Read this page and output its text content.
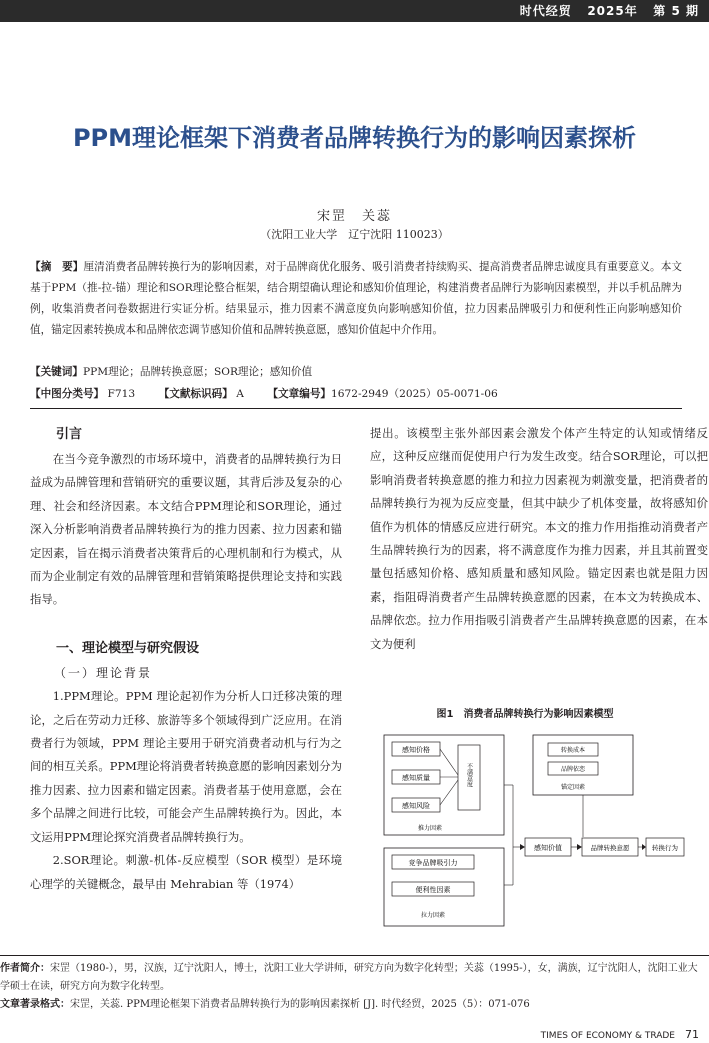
时代经贸 2025年 第 5 期
PPM理论框架下消费者品牌转换行为的影响因素探析
宋罡　关蕊
（沈阳工业大学　辽宁沈阳 110023）
【摘　要】厘清消费者品牌转换行为的影响因素，对于品牌商优化服务、吸引消费者持续购买、提高消费者品牌忠诚度具有重要意义。本文基于PPM（推-拉-锚）理论和SOR理论整合框架，结合期望确认理论和感知价值理论，构建消费者品牌行为影响因素模型，并以手机品牌为例，收集消费者问卷数据进行实证分析。结果显示，推力因素不满意度负向影响感知价值，拉力因素品牌吸引力和便利性正向影响感知价值，锚定因素转换成本和品牌依恋调节感知价值和品牌转换意愿，感知价值起中介作用。
【关键词】PPM理论；品牌转换意愿；SOR理论；感知价值
【中图分类号】 F713 【文献标识码】 A 【文章编号】1672-2949（2025）05-0071-06

引言

在当今竞争激烈的市场环境中，消费者的品牌转换行为日益成为品牌管理和营销研究的重要议题，其背后涉及复杂的心理、社会和经济因素。本文结合PPM理论和SOR理论，通过深入分析影响消费者品牌转换行为的推力因素、拉力因素和锚定因素，旨在揭示消费者决策背后的心理机制和行为模式，从而为企业制定有效的品牌管理和营销策略提供理论支持和实践指导。

一、理论模型与研究假设

（一）理论背景

1.PPM理论。PPM 理论起初作为分析人口迁移决策的理论，之后在劳动力迁移、旅游等多个领域得到广泛应用。在消费者行为领域，PPM 理论主要用于研究消费者动机与行为之间的相互关系。PPM理论将消费者转换意愿的影响因素划分为推力因素、拉力因素和锚定因素。消费者基于使用意愿，会在多个品牌之间进行比较，可能会产生品牌转换行为。因此，本文运用PPM理论探究消费者品牌转换行为。

2.SOR理论。刺激-机体-反应模型（SOR 模型）是环境心理学的关键概念，最早由 Mehrabian 等（1974）

提出。该模型主张外部因素会激发个体产生特定的认知或情绪反应，这种反应继而促使用户行为发生改变。结合SOR理论，可以把影响消费者转换意愿的推力和拉力因素视为刺激变量，把消费者的品牌转换行为视为反应变量，但其中缺少了机体变量，故将感知价值作为机体的情感反应进行研究。本文的推力作用指推动消费者产生品牌转换行为的因素，将不满意度作为推力因素，并且其前置变量包括感知价格、感知质量和感知风险。锚定因素也就是阻力因素，指阻碍消费者产生品牌转换意愿的因素，在本文为转换成本、品牌依恋。拉力作用指吸引消费者产生品牌转换意愿的因素，在本文为便利

图1　消费者品牌转换行为影响因素模型
感知价格
感知质量
感知风险
不满意度
推力因素
转换成本
品牌依恋
锚定因素
竞争品牌吸引力
便利性因素
拉力因素
感知价值	品牌转换意愿	转换行为
作者简介：宋罡（1980-），男，汉族，辽宁沈阳人，博士，沈阳工业大学讲师，研究方向为数字化转型；关蕊（1995-），女，满族，辽宁沈阳人，沈阳工业大学硕士在读，研究方向为数字化转型。
文章著录格式：宋罡，关蕊. PPM理论框架下消费者品牌转换行为的影响因素探析 [J]. 时代经贸，2025（5）：071-076
TIMES OF ECONOMY & TRADE 71
